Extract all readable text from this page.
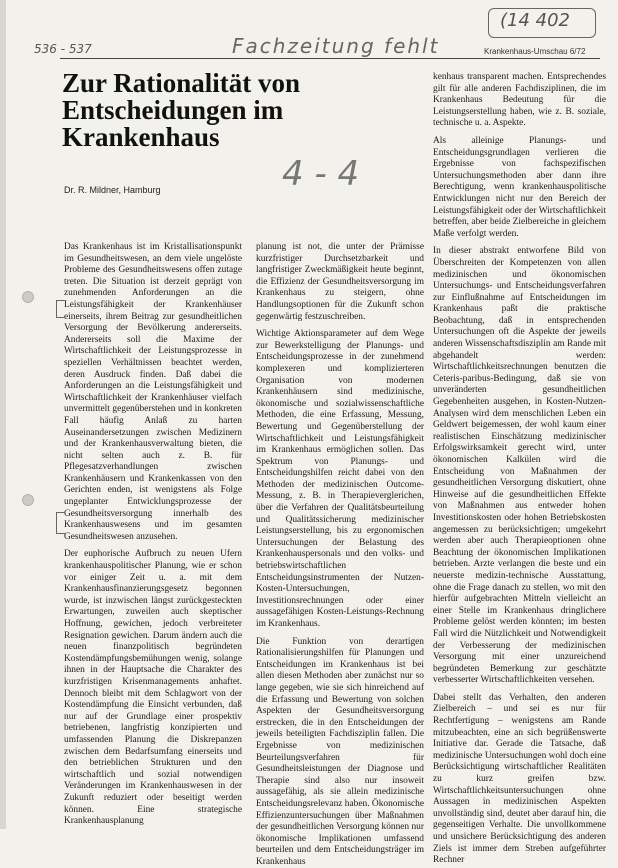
536 - 537	Fachzeitung fehlt
(14 402
4 - 4
Krankenhaus-Umschau 6/72
Zur Rationalität von Entscheidungen im Krankenhaus
Dr. R. Mildner, Hamburg

Das Krankenhaus ist im Kristallisationspunkt im Gesundheitswesen, an dem viele ungelöste Probleme des Gesundheitswesens offen zutage treten. Die Situation ist derzeit geprägt von zunehmenden Anforderungen an die Leistungsfähigkeit der Krankenhäuser einerseits, ihrem Beitrag zur gesundheitlichen Versorgung der Bevölkerung andererseits. Andererseits soll die Maxime der Wirtschaftlichkeit der Leistungsprozesse in speziellen Verhältnissen beachtet werden, deren Ausdruck finden. Daß dabei die Anforderungen an die Leistungsfähigkeit und Wirtschaftlichkeit der Krankenhäuser vielfach unvermittelt gegenüberstehen und in konkreten Fall häufig Anlaß zu harten Auseinandersetzungen zwischen Medizinern und der Krankenhausverwaltung bieten, die nicht selten auch z. B. für Pflegesatzverhandlungen zwischen Krankenhäusern und Krankenkassen von den Gerichten enden, ist wenigstens als Folge ungeplanter Entwicklungsprozesse der Gesundheitsversorgung innerhalb des Krankenhauswesens und im gesamten Gesundheitswesen anzusehen.

Der euphorische Aufbruch zu neuen Ufern krankenhauspolitischer Planung, wie er schon vor einiger Zeit u. a. mit dem Krankenhausfinanzierungsgesetz begonnen wurde, ist inzwischen längst zurückgesteckten Erwartungen, zuweilen auch skeptischer Hoffnung, gewichen, jedoch verbreiteter Resignation gewichen. Darum ändern auch die neuen finanzpolitisch begründeten Kostendämpfungsbemühungen wenig, solange ihnen in der Hauptsache die Charakter des kurzfristigen Krisenmanagements anhaftet. Dennoch bleibt mit dem Schlagwort von der Kostendämpfung die Einsicht verbunden, daß nur auf der Grundlage einer prospektiv betriebenen, langfristig konzipierten und umfassenden Planung die Diskrepanzen zwischen dem Bedarfsumfang einerseits und den betrieblichen Strukturen und den wirtschaftlich und sozial notwendigen Veränderungen im Krankenhauswesen in der Zukunft reduziert oder beseitigt werden können. Eine strategische Krankenhausplanung

planung ist not, die unter der Prämisse kurzfristiger Durchsetzbarkeit und langfristiger Zweckmäßigkeit heute beginnt, die Effizienz der Gesundheitsversorgung im Krankenhaus zu steigern, ohne Handlungsoptionen für die Zukunft schon gegenwärtig festzuschreiben.

Wichtige Aktionsparameter auf dem Wege zur Bewerkstelligung der Planungs- und Entscheidungsprozesse in der zunehmend komplexeren und komplizierteren Organisation von modernen Krankenhäusern sind medizinische, ökonomische und sozialwissenschaftliche Methoden, die eine Erfassung, Messung, Bewertung und Gegenüberstellung der Wirtschaftlichkeit und Leistungsfähigkeit im Krankenhaus ermöglichen sollen. Das Spektrum von Planungs- und Entscheidungshilfen reicht dabei von den Methoden der medizinischen Outcome-Messung, z. B. in Therapieverglerichen, über die Verfahren der Qualitätsbeurteilung und Qualitätssicherung medizinischer Leistungserstellung, bis zu ergonomischen Untersuchungen der Belastung des Krankenhauspersonals und den volks- und betriebswirtschaftlichen Entscheidungsinstrumenten der Nutzen-Kosten-Untersuchungen, Investitionsrechnungen oder einer aussagefähigen Kosten-Leistungs-Rechnung im Krankenhaus.

Die Funktion von derartigen Rationalisierungshilfen für Planungen und Entscheidungen im Krankenhaus ist bei allen diesen Methoden aber zunächst nur so lange gegeben, wie sie sich hinreichend auf die Erfassung und Bewertung von solchen Aspekten der Gesundheitsversorgung erstrecken, die in den Entscheidungen der jeweils beteiligten Fachdisziplin fallen. Die Ergebnisse von medizinischen Beurteilungsverfahren für Gesundheitsleistungen der Diagnose und Therapie sind also nur insoweit aussagefähig, als sie allein medizinische Entscheidungsrelevanz haben. Ökonomische Effizienzuntersuchungen über Maßnahmen der gesundheitlichen Versorgung können nur ökonomische Implikationen umfassend beurteilen und dem Entscheidungsträger im Krankenhaus

kenhaus transparent machen. Entsprechendes gilt für alle anderen Fachdisziplinen, die im Krankenhaus Bedeutung für die Leistungserstellung haben, wie z. B. soziale, technische u. a. Aspekte.

Als alleinige Planungs- und Entscheidungsgrundlagen verlieren die Ergebnisse von fachspezifischen Untersuchungsmethoden aber dann ihre Berechtigung, wenn krankenhauspolitische Entwicklungen nicht nur den Bereich der Leistungsfähigkeit oder der Wirtschaftlichkeit betreffen, aber beide Zielbereiche in gleichem Maße verfolgt werden.

In dieser abstrakt entworfene Bild von Überschreiten der Kompetenzen von allen medizinischen und ökonomischen Untersuchungs- und Entscheidungsverfahren zur Einflußnahme auf Entscheidungen im Krankenhaus paßt die praktische Beobachtung, daß in entsprechenden Untersuchungen oft die Aspekte der jeweils anderen Wissenschaftsdisziplin am Rande mit abgehandelt werden: Wirtschaftlichkeitsrechnungen benutzen die Ceteris-paribus-Bedingung, daß sie von unveränderten gesundheitlichen Gegebenheiten ausgehen, in Kosten-Nutzen-Analysen wird dem menschlichen Leben ein Geldwert beigemessen, der wohl kaum einer realistischen Einschätzung medizinischer Erfolgswirksamkeit gerecht wird, unter ökonomischen Kalkülen wird die Entscheidung von Maßnahmen der gesundheitlichen Versorgung diskutiert, ohne Hinweise auf die gesundheitlichen Effekte von Maßnahmen aus entweder hohen Investitionskosten oder hohen Betriebskosten angemessen zu berücksichtigen; umgekehrt werden aber auch Therapieoptionen ohne Beachtung der ökonomischen Implikationen betrieben. Arzte verlangen die beste und ein neuerste medizin-technische Ausstattung, ohne die Frage danach zu stellen, wo mit den hierfür aufgebrachten Mitteln vielleicht an einer Stelle im Krankenhaus dringlichere Probleme gelöst werden könnten; im besten Fall wird die Nützlichkeit und Notwendigkeit der Verbesserung der medizinischen Versorgung mit einer unzureichend begründeten Bemerkung zur geschätzte verbesserter Wirtschaftlichkeiten versehen.

Dabei stellt das Verhalten, den anderen Zielbereich – und sei es nur für Rechtfertigung – wenigstens am Rande mitzubeachten, eine an sich begrüßenswerte Initiative dar. Gerade die Tatsache, daß medizinische Untersuchungen wohl doch eine Berücksichtigung wirtschaftlicher Realitäten zu kurz greifen bzw. Wirtschaftlichkeitsuntersuchungen ohne Aussagen in medizinischen Aspekten unvollständig sind, deutet aber darauf hin, die gegenseitigen Verhalte. Die unvollkommene und unsichere Berücksichtigung des anderen Ziels ist immer dem Streben aufgeführter Rechner
